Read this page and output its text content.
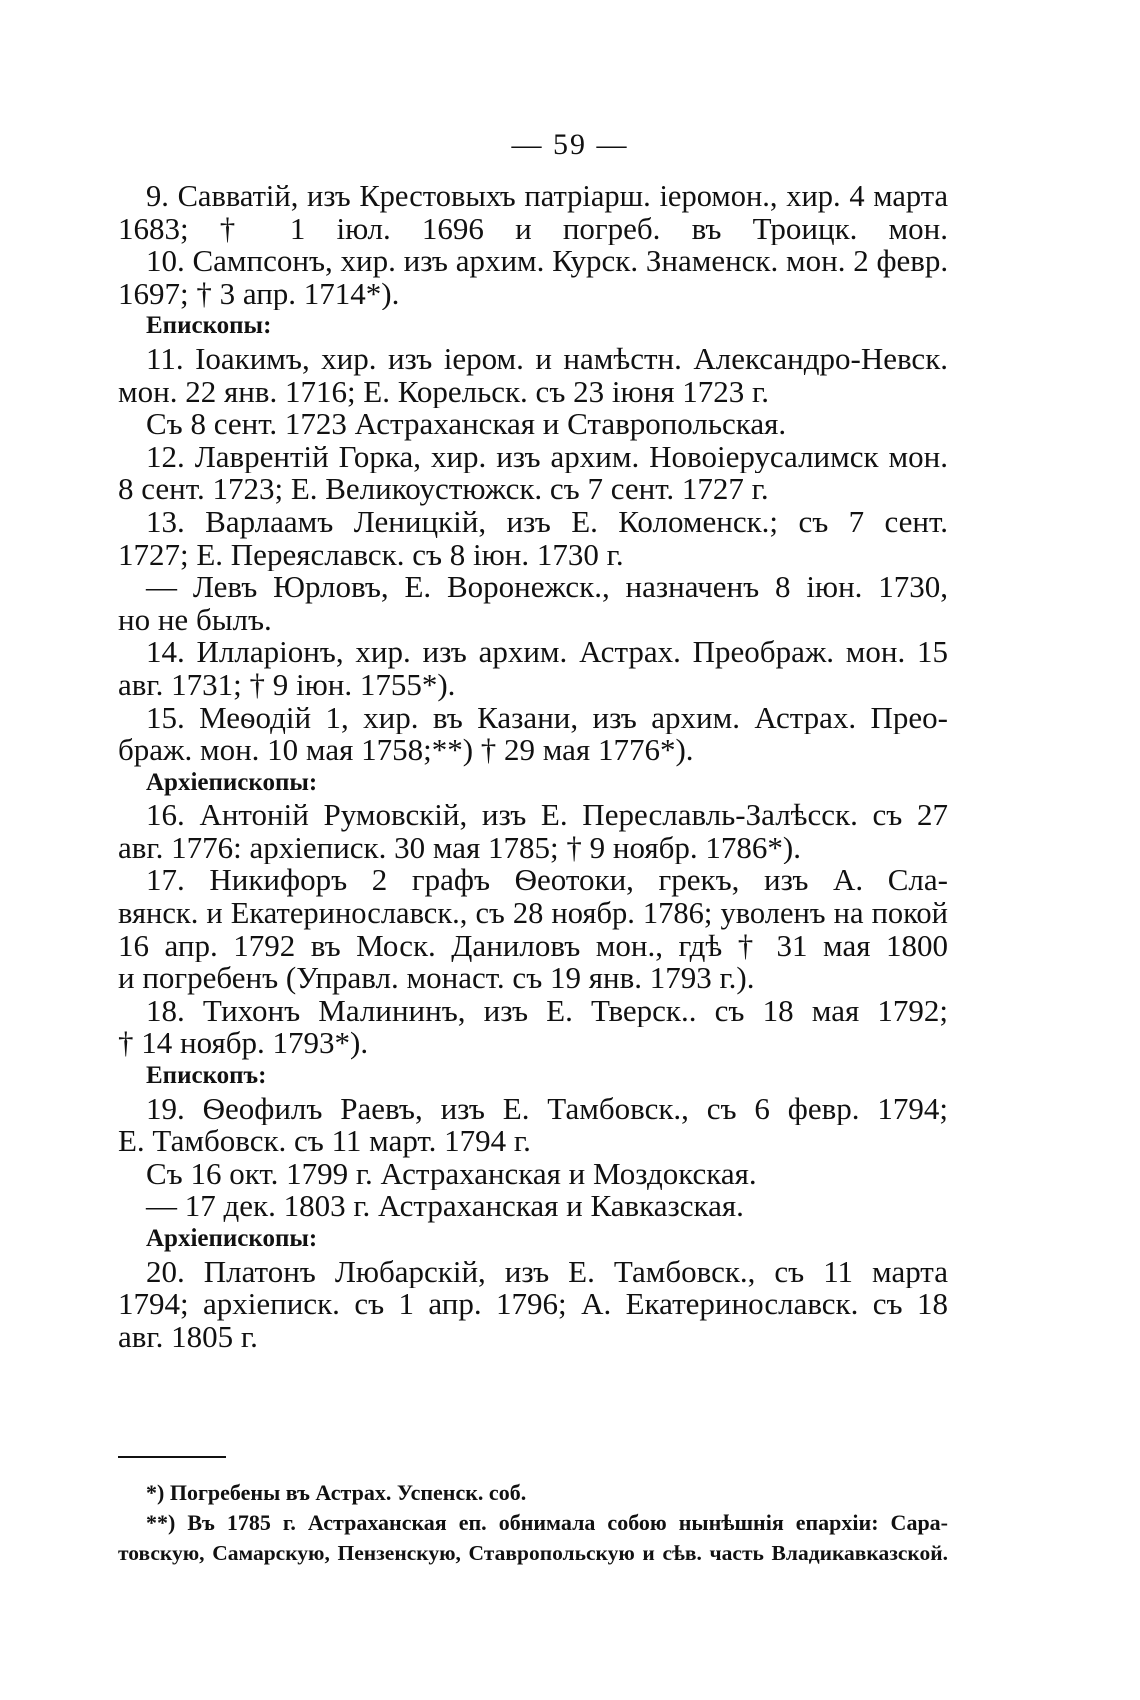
— 59 —
9. Савватій, изъ Крестовыхъ патріарш. іеромон., хир. 4 марта
1683; † 1 іюл. 1696 и погреб. въ Троицк. мон.
10. Сампсонъ, хир. изъ архим. Курск. Знаменск. мон. 2 февр.
1697; † 3 апр. 1714*).
Епископы:
11. Іоакимъ, хир. изъ іером. и намѣстн. Александро-Невск.
мон. 22 янв. 1716; Е. Корельск. съ 23 іюня 1723 г.
Съ 8 сент. 1723 Астраханская и Ставропольская.
12. Лаврентій Горка, хир. изъ архим. Новоіерусалимск мон.
8 сент. 1723; Е. Великоустюжск. съ 7 сент. 1727 г.
13. Варлаамъ Леницкій, изъ Е. Коломенск.; съ 7 сент.
1727; Е. Переяславск. съ 8 іюн. 1730 г.
— Левъ Юрловъ, Е. Воронежск., назначенъ 8 іюн. 1730,
но не былъ.
14. Илларіонъ, хир. изъ архим. Астрах. Преображ. мон. 15
авг. 1731; † 9 іюн. 1755*).
15. Меѳодій 1, хир. въ Казани, изъ архим. Астрах. Прео-
браж. мон. 10 мая 1758;**) † 29 мая 1776*).
Архіепископы:
16. Антоній Румовскій, изъ Е. Переславль-Залѣсск. съ 27
авг. 1776: архіеписк. 30 мая 1785; † 9 ноябр. 1786*).
17. Никифоръ 2 графъ Ѳеотоки, грекъ, изъ А. Сла-
вянск. и Екатеринославск., съ 28 ноябр. 1786; уволенъ на покой
16 апр. 1792 въ Моск. Даниловъ мон., гдѣ † 31 мая 1800
и погребенъ (Управл. монаст. съ 19 янв. 1793 г.).
18. Тихонъ Малининъ, изъ Е. Тверск.. съ 18 мая 1792;
† 14 ноябр. 1793*).
Епископъ:
19. Ѳеофилъ Раевъ, изъ Е. Тамбовск., съ 6 февр. 1794;
Е. Тамбовск. съ 11 март. 1794 г.
Съ 16 окт. 1799 г. Астраханская и Моздокская.
— 17 дек. 1803 г. Астраханская и Кавказская.
Архіепископы:
20. Платонъ Любарскій, изъ Е. Тамбовск., съ 11 марта
1794; архіеписк. съ 1 апр. 1796; А. Екатеринославск. съ 18
авг. 1805 г.
*) Погребены въ Астрах. Успенск. соб.
**) Въ 1785 г. Астраханская еп. обнимала собою нынѣшнія епархіи: Сара-
товскую, Самарскую, Пензенскую, Ставропольскую и сѣв. часть Владикавказской.
